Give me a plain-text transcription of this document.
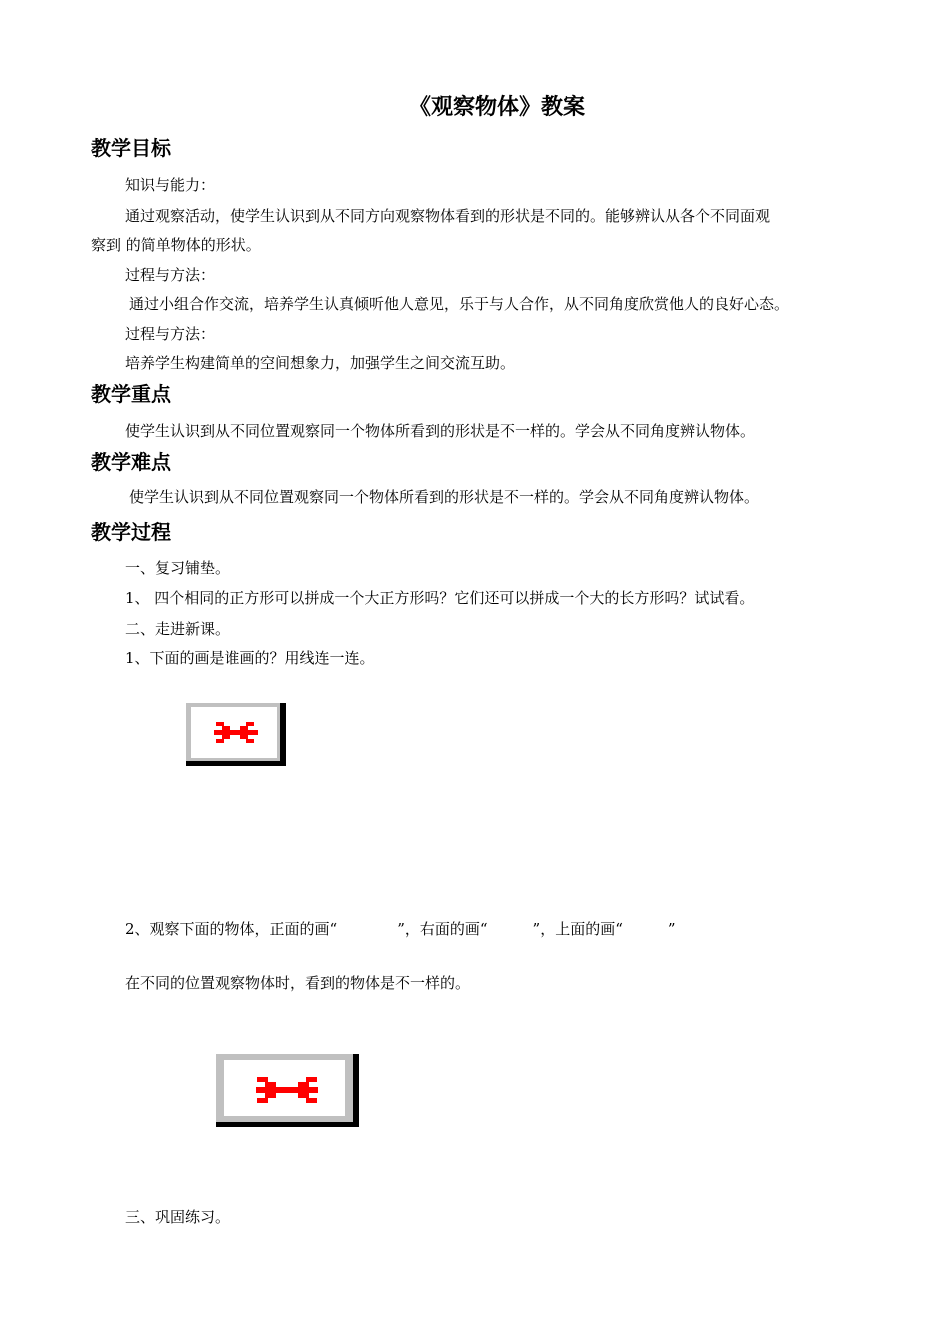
《观察物体》教案
教学目标
知识与能力：
通过观察活动，使学生认识到从不同方向观察物体看到的形状是不同的。能够辨认从各个不同面观
察到 的简单物体的形状。
过程与方法：
通过小组合作交流，培养学生认真倾听他人意见，乐于与人合作，从不同角度欣赏他人的良好心态。
过程与方法：
培养学生构建简单的空间想象力，加强学生之间交流互助。
教学重点
使学生认识到从不同位置观察同一个物体所看到的形状是不一样的。学会从不同角度辨认物体。
教学难点
使学生认识到从不同位置观察同一个物体所看到的形状是不一样的。学会从不同角度辨认物体。
教学过程
一、复习铺垫。
1、 四个相同的正方形可以拼成一个大正方形吗？它们还可以拼成一个大的长方形吗？试试看。
二、走进新课。
1、下面的画是谁画的？用线连一连。
2、观察下面的物体，正面的画“　　　　”，右面的画“　　　”，上面的画“　　　”
在不同的位置观察物体时，看到的物体是不一样的。
三、巩固练习。
